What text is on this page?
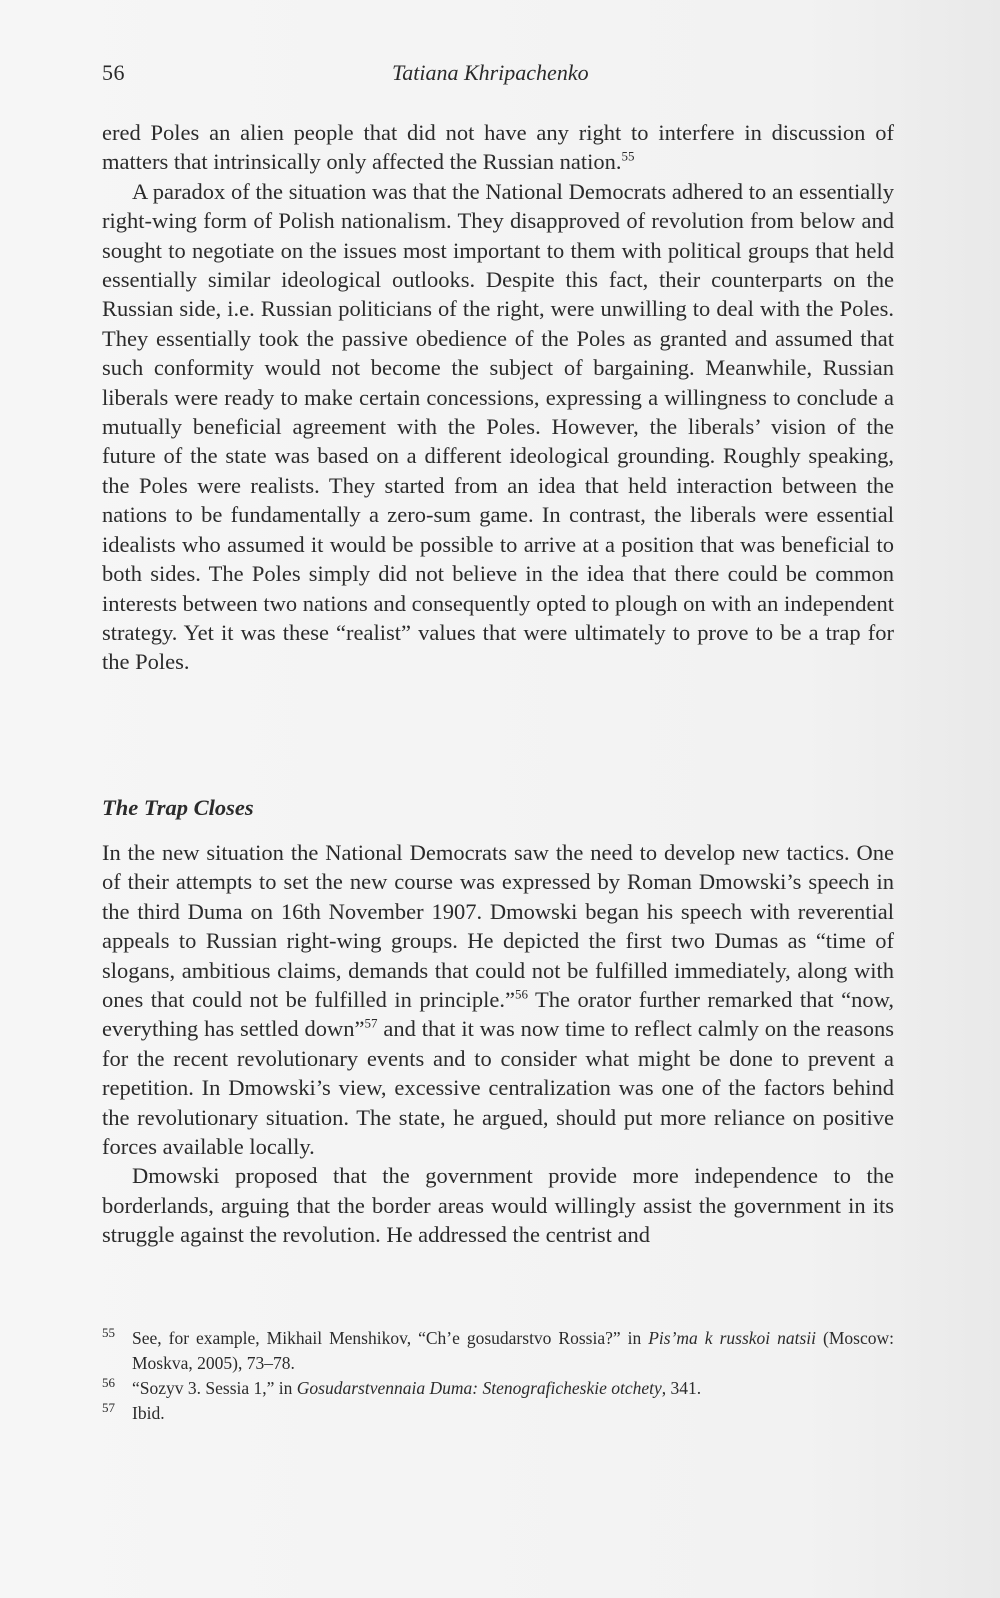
56	Tatiana Khripachenko

ered Poles an alien people that did not have any right to interfere in discussion of matters that intrinsically only affected the Russian nation.$^{55}$

A paradox of the situation was that the National Democrats adhered to an essentially right-wing form of Polish nationalism. They disapproved of revolution from below and sought to negotiate on the issues most important to them with political groups that held essentially similar ideological outlooks. Despite this fact, their counterparts on the Russian side, i.e. Russian politicians of the right, were unwilling to deal with the Poles. They essentially took the passive obedience of the Poles as granted and assumed that such conformity would not become the subject of bargaining. Meanwhile, Russian liberals were ready to make certain concessions, expressing a willingness to conclude a mutually beneficial agreement with the Poles. However, the liberals’ vision of the future of the state was based on a different ideological grounding. Roughly speaking, the Poles were realists. They started from an idea that held interaction between the nations to be fundamentally a zero-sum game. In contrast, the liberals were essential idealists who assumed it would be possible to arrive at a position that was beneficial to both sides. The Poles simply did not believe in the idea that there could be common interests between two nations and consequently opted to plough on with an independent strategy. Yet it was these “realist” values that were ultimately to prove to be a trap for the Poles.

The Trap Closes

In the new situation the National Democrats saw the need to develop new tactics. One of their attempts to set the new course was expressed by Roman Dmowski’s speech in the third Duma on 16th November 1907. Dmowski began his speech with reverential appeals to Russian right-wing groups. He depicted the first two Dumas as “time of slogans, ambitious claims, demands that could not be fulfilled immediately, along with ones that could not be fulfilled in principle.”$^{56}$ The orator further remarked that “now, everything has settled down”$^{57}$ and that it was now time to reflect calmly on the reasons for the recent revolutionary events and to consider what might be done to prevent a repetition. In Dmowski’s view, excessive centralization was one of the factors behind the revolutionary situation. The state, he argued, should put more reliance on positive forces available locally.

Dmowski proposed that the government provide more independence to the borderlands, arguing that the border areas would willingly assist the government in its struggle against the revolution. He addressed the centrist and

55 See, for example, Mikhail Menshikov, “Ch’e gosudarstvo Rossia?” in Pis’ma k russkoi natsii (Moscow: Moskva, 2005), 73–78.
56 “Sozyv 3. Sessia 1,” in Gosudarstvennaia Duma: Stenograficheskie otchety, 341.
57 Ibid.
